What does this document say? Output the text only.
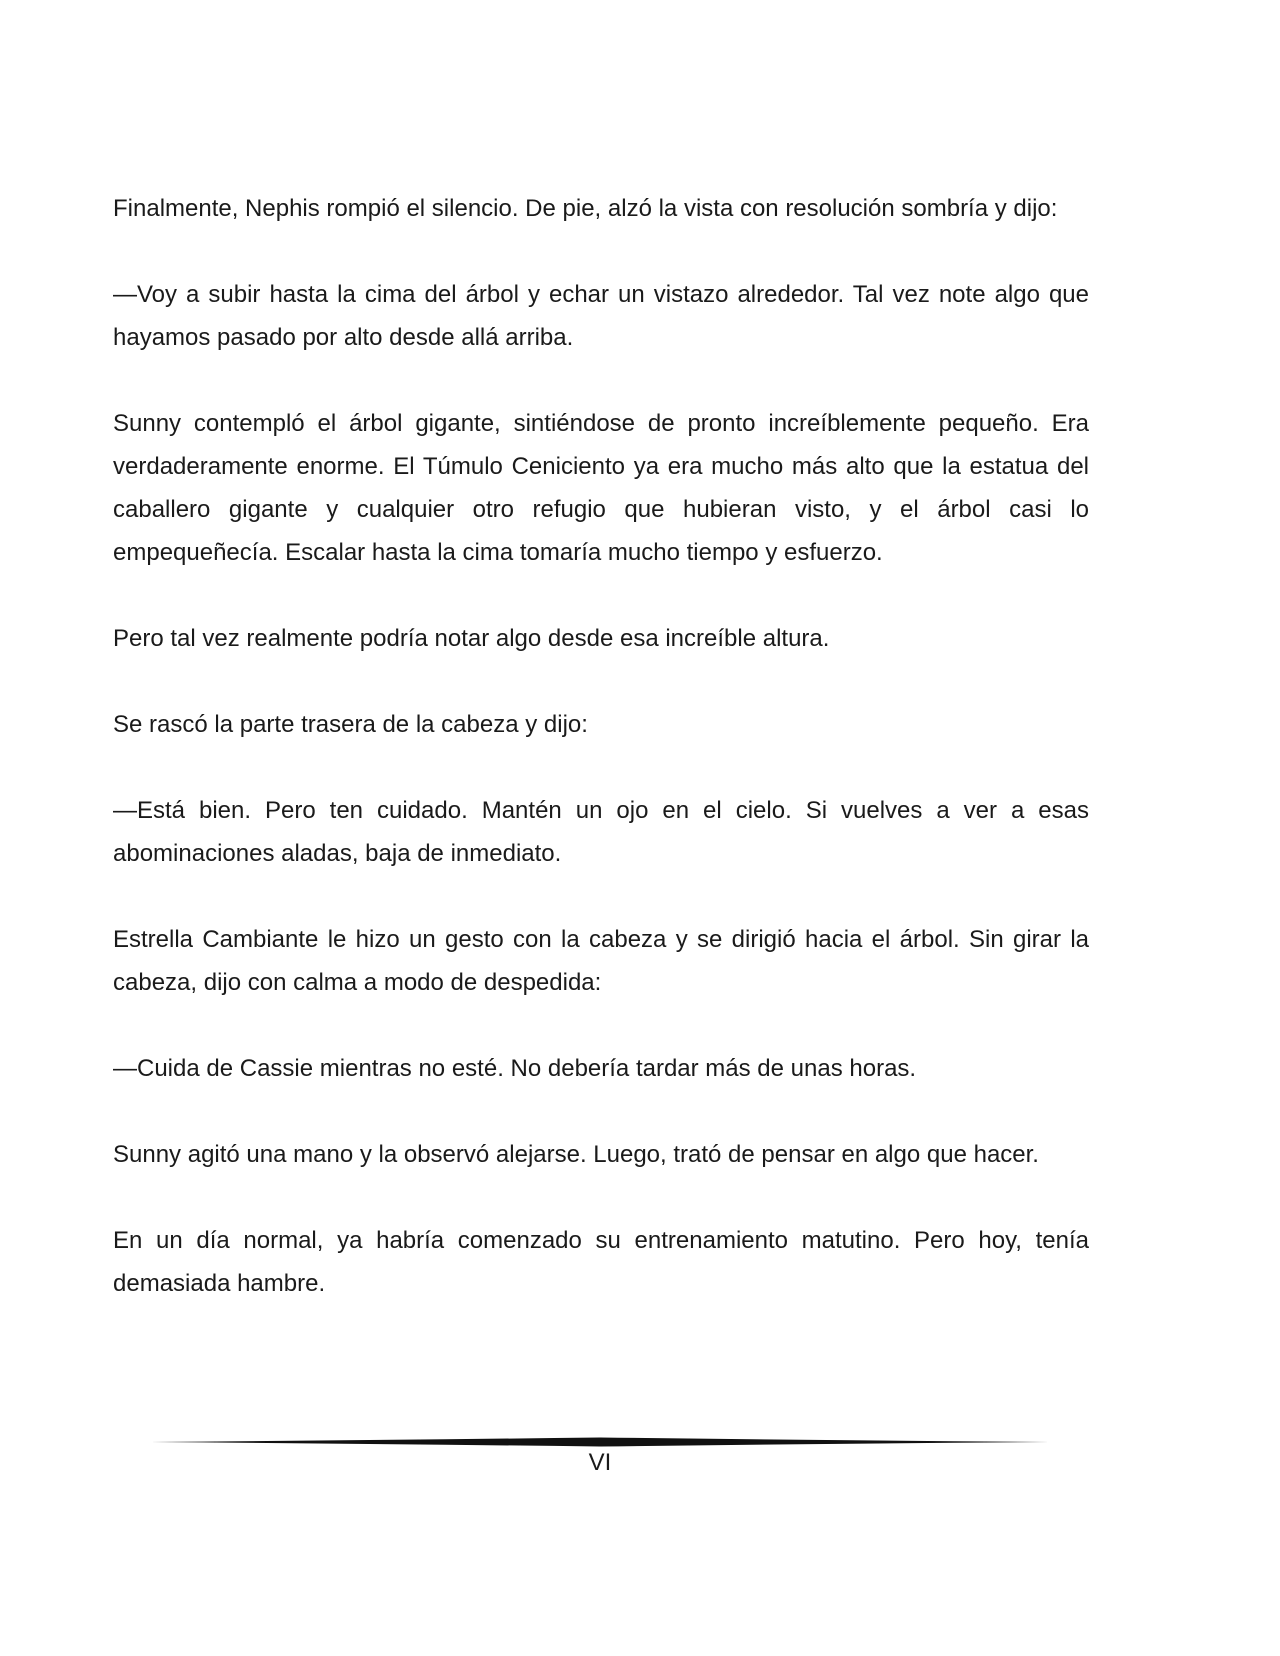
Finalmente, Nephis rompió el silencio. De pie, alzó la vista con resolución sombría y dijo:

—Voy a subir hasta la cima del árbol y echar un vistazo alrededor. Tal vez note algo que hayamos pasado por alto desde allá arriba.

Sunny contempló el árbol gigante, sintiéndose de pronto increíblemente pequeño. Era verdaderamente enorme. El Túmulo Ceniciento ya era mucho más alto que la estatua del caballero gigante y cualquier otro refugio que hubieran visto, y el árbol casi lo empequeñecía. Escalar hasta la cima tomaría mucho tiempo y esfuerzo.

Pero tal vez realmente podría notar algo desde esa increíble altura.

Se rascó la parte trasera de la cabeza y dijo:

—Está bien. Pero ten cuidado. Mantén un ojo en el cielo. Si vuelves a ver a esas abominaciones aladas, baja de inmediato.

Estrella Cambiante le hizo un gesto con la cabeza y se dirigió hacia el árbol. Sin girar la cabeza, dijo con calma a modo de despedida:

—Cuida de Cassie mientras no esté. No debería tardar más de unas horas.

Sunny agitó una mano y la observó alejarse. Luego, trató de pensar en algo que hacer.

En un día normal, ya habría comenzado su entrenamiento matutino. Pero hoy, tenía demasiada hambre.

VI
